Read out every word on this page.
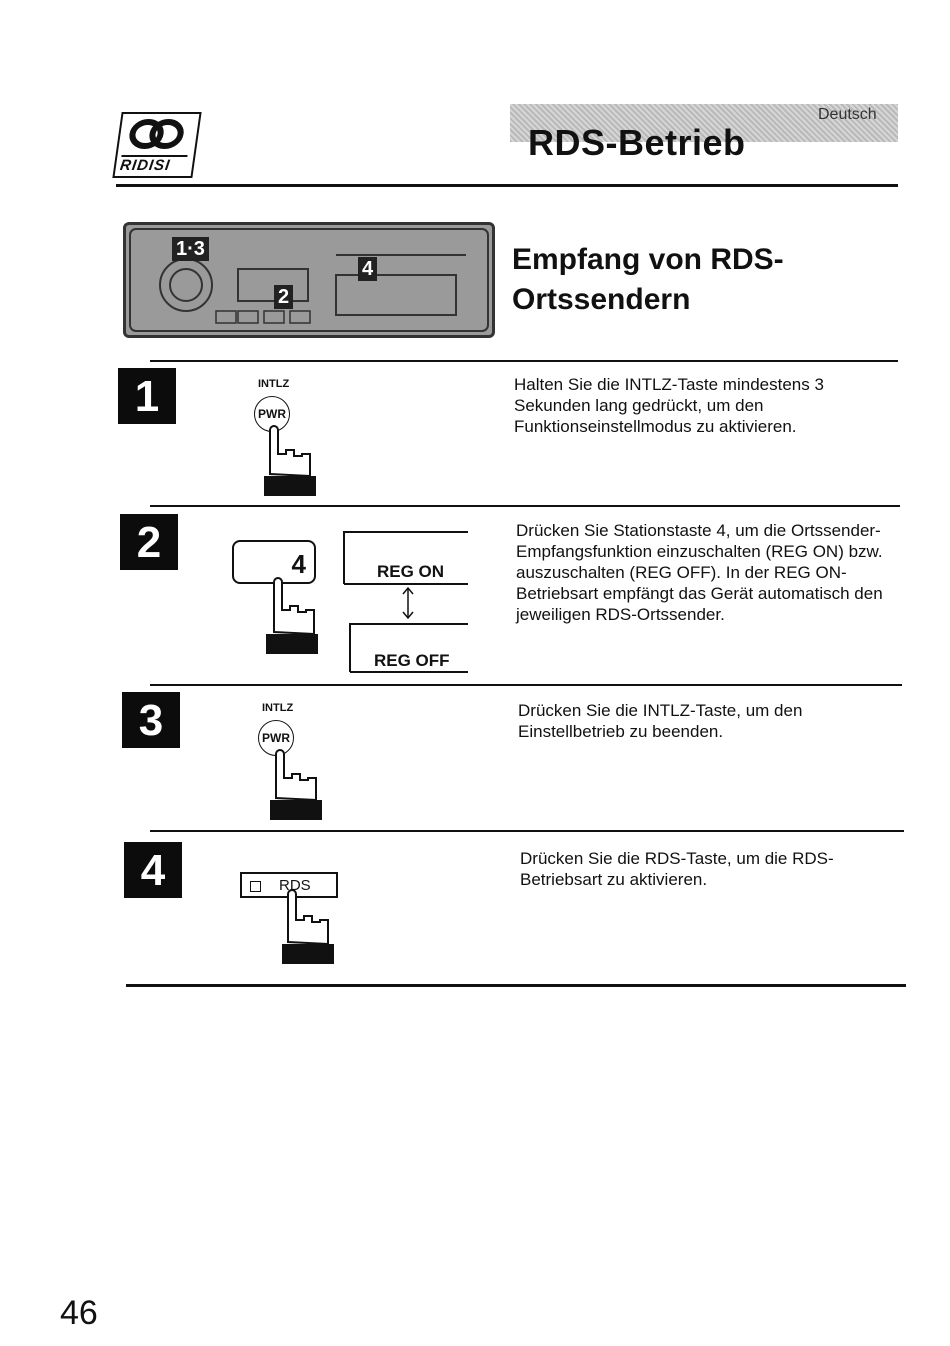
RIDISI
Deutsch
RDS-Betrieb
1·3
4
2
Empfang von RDS-Ortssendern
1	INTLZ
PWR
Halten Sie die INTLZ-Taste mindestens 3 Sekunden lang gedrückt, um den Funktionseinstellmodus zu aktivieren.
2	4	REG ON
REG OFF
Drücken Sie Stationstaste 4, um die Ortssender-Empfangsfunktion einzuschalten (REG ON) bzw. auszuschalten (REG OFF). In der REG ON-Betriebsart empfängt das Gerät automatisch den jeweiligen RDS-Ortssender.
3	INTLZ
PWR
Drücken Sie die INTLZ-Taste, um den Einstellbetrieb zu beenden.
4	RDS
Drücken Sie die RDS-Taste, um die RDS-Betriebsart zu aktivieren.
46
